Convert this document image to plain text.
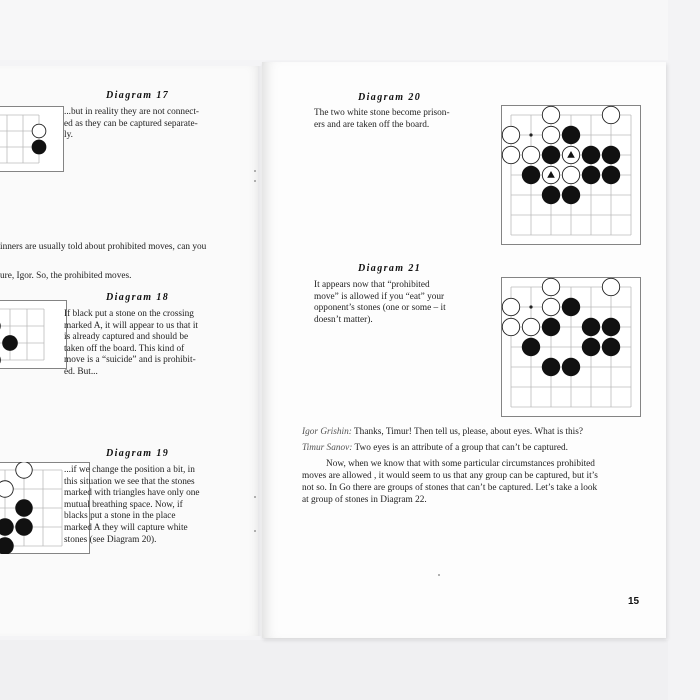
Diagram 17
...but in reality they are not connect-
ed as they can be captured separate-
ly.
inners are usually told about prohibited moves, can you
ure, Igor. So, the prohibited moves.
Diagram 18
If black put a stone on the crossing
marked A, it will appear to us that it
is already captured and should be
taken off the board. This kind of
move is a “suicide” and is prohibit-
ed. But...
Diagram 19
...if we change the position a bit, in
this situation we see that the stones
marked with triangles have only one
mutual breathing space. Now, if
blacks put a stone in the place
marked A they will capture white
stones (see Diagram 20).
Diagram 20
The two white stone become prison-
ers and are taken off the board.
Diagram 21
It appears now that “prohibited
move” is allowed if you “eat” your
opponent’s stones (one or some – it
doesn’t matter).
Igor Grishin: Thanks, Timur! Then tell us, please, about eyes. What is this?
Timur Sanov: Two eyes is an attribute of a group that can’t be captured.
Now, when we know that with some particular circumstances prohibited
moves are allowed , it would seem to us that any group can be captured, but it’s
not so. In Go there are groups of stones that can’t be captured. Let’s take a look
at group of stones in Diagram 22.
15
